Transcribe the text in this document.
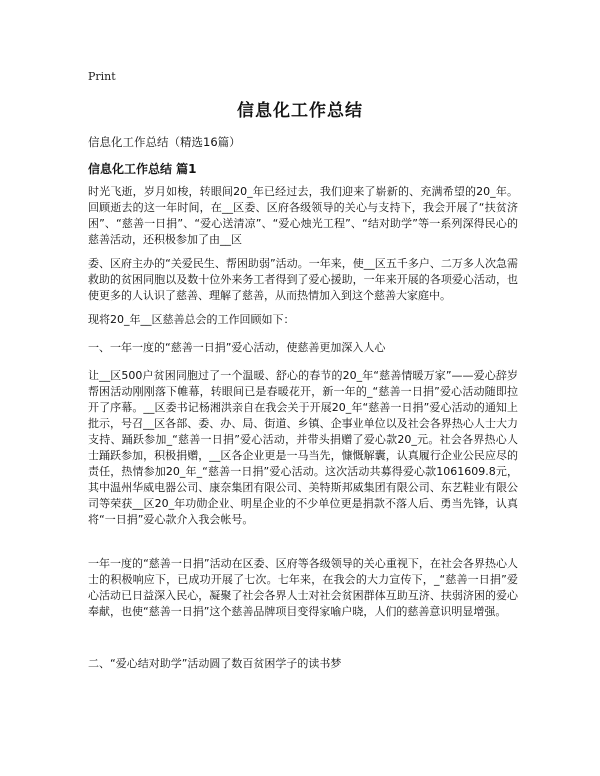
Print
信息化工作总结

信息化工作总结（精选16篇）

信息化工作总结 篇1

时光飞逝，岁月如梭，转眼间20_年已经过去，我们迎来了崭新的、充满希望的20_年。回顾逝去的这一年时间，在__区委、区府各级领导的关心与支持下，我会开展了“扶贫济困”、“慈善一日捐”、“爱心送清凉”、“爱心烛光工程”、“结对助学”等一系列深得民心的慈善活动，还积极参加了由__区

委、区府主办的“关爱民生、帮困助弱”活动。一年来，使__区五千多户、二万多人次急需救助的贫困同胞以及数十位外来务工者得到了爱心援助，一年来开展的各项爱心活动，也使更多的人认识了慈善、理解了慈善，从而热情加入到这个慈善大家庭中。

现将20_年__区慈善总会的工作回顾如下：

一、一年一度的“慈善一日捐”爱心活动，使慈善更加深入人心

让__区500户贫困同胞过了一个温暖、舒心的春节的20_年“慈善情暖万家”——爱心辞岁帮困活动刚刚落下帷幕，转眼间已是春暖花开，新一年的_“慈善一日捐”爱心活动随即拉开了序幕。__区委书记杨湘洪亲自在我会关于开展20_年“慈善一日捐”爱心活动的通知上批示，号召__区各部、委、办、局、街道、乡镇、企事业单位以及社会各界热心人士大力支持、踊跃参加_“慈善一日捐”爱心活动，并带头捐赠了爱心款20_元。社会各界热心人士踊跃参加，积极捐赠，__区各企业更是一马当先，慷慨解囊，认真履行企业公民应尽的责任，热情参加20_年_“慈善一日捐”爱心活动。这次活动共募得爱心款1061609.8元，其中温州华威电器公司、康奈集团有限公司、美特斯邦威集团有限公司、东艺鞋业有限公司等荣获__区20_年功勋企业、明星企业的不少单位更是捐款不落人后、勇当先锋，认真将“一日捐”爱心款介入我会帐号。

一年一度的“慈善一日捐”活动在区委、区府等各级领导的关心重视下，在社会各界热心人士的积极响应下，已成功开展了七次。七年来，在我会的大力宣传下，_“慈善一日捐”爱心活动已日益深入民心，凝聚了社会各界人士对社会贫困群体互助互济、扶弱济困的爱心奉献，也使“慈善一日捐”这个慈善品牌项目变得家喻户晓，人们的慈善意识明显增强。

二、“爱心结对助学”活动圆了数百贫困学子的读书梦
